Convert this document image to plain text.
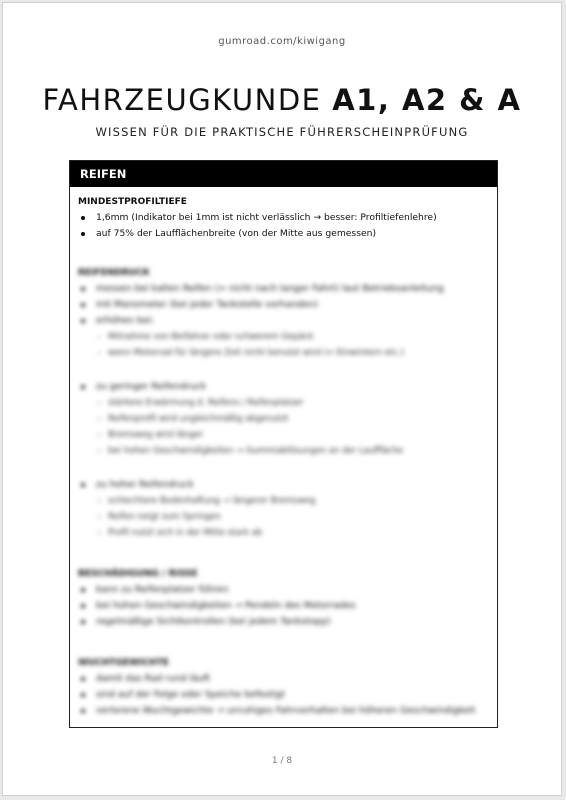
gumroad.com/kiwigang
FAHRZEUGKUNDE A1, A2 & A
WISSEN FÜR DIE PRAKTISCHE FÜHRERSCHEINPRÜFUNG
REIFEN
MINDESTPROFILTIEFE
1,6mm (Indikator bei 1mm ist nicht verlässlich → besser: Profiltiefenlehre)
auf 75% der Laufflächenbreite (von der Mitte aus gemessen)
REIFENDRUCK
messen bei kalten Reifen (= nicht nach langer Fahrt) laut Betriebsanleitung
mit Manometer (bei jeder Tankstelle vorhanden)
erhöhen bei:
– Mitnahme von Beifahrer oder schwerem Gepäck
– wenn Motorrad für längere Zeit nicht benutzt wird (= Einwintern etc.)
zu geringer Reifendruck
– stärkere Erwärmung d. Reifens / Reifenplatzer
– Reifenprofil wird ungleichmäßig abgenutzt
– Bremsweg wird länger
– bei hohen Geschwindigkeiten → Gummiablösungen an der Lauffläche
zu hoher Reifendruck
– schlechtere Bodenhaftung → längerer Bremsweg
– Reifen neigt zum Springen
– Profil nutzt sich in der Mitte stark ab
BESCHÄDIGUNG / RISSE
kann zu Reifenplatzer führen
bei hohen Geschwindigkeiten → Pendeln des Motorrades
regelmäßige Sichtkontrollen (bei jedem Tankstopp)
WUCHTGEWICHTE
damit das Rad rund läuft
sind auf der Felge oder Speiche befestigt
verlorene Wuchtgewichte → unruhiges Fahrverhalten bei höheren Geschwindigkeit
1 / 8
